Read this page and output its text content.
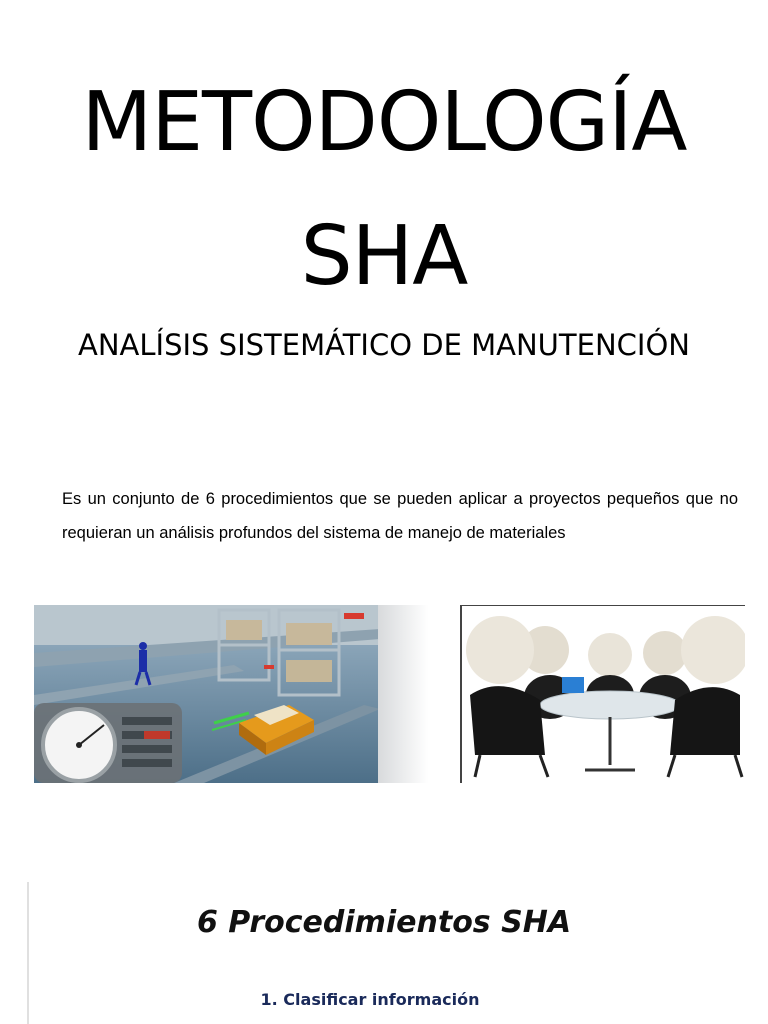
METODOLOGÍA
SHA
ANALÍSIS SISTEMÁTICO DE MANUTENCIÓN
Es un conjunto de 6 procedimientos que se pueden aplicar a proyectos pequeños que no requieran un análisis profundos del sistema de manejo de materiales
6 Procedimientos SHA
1. Clasificar información
